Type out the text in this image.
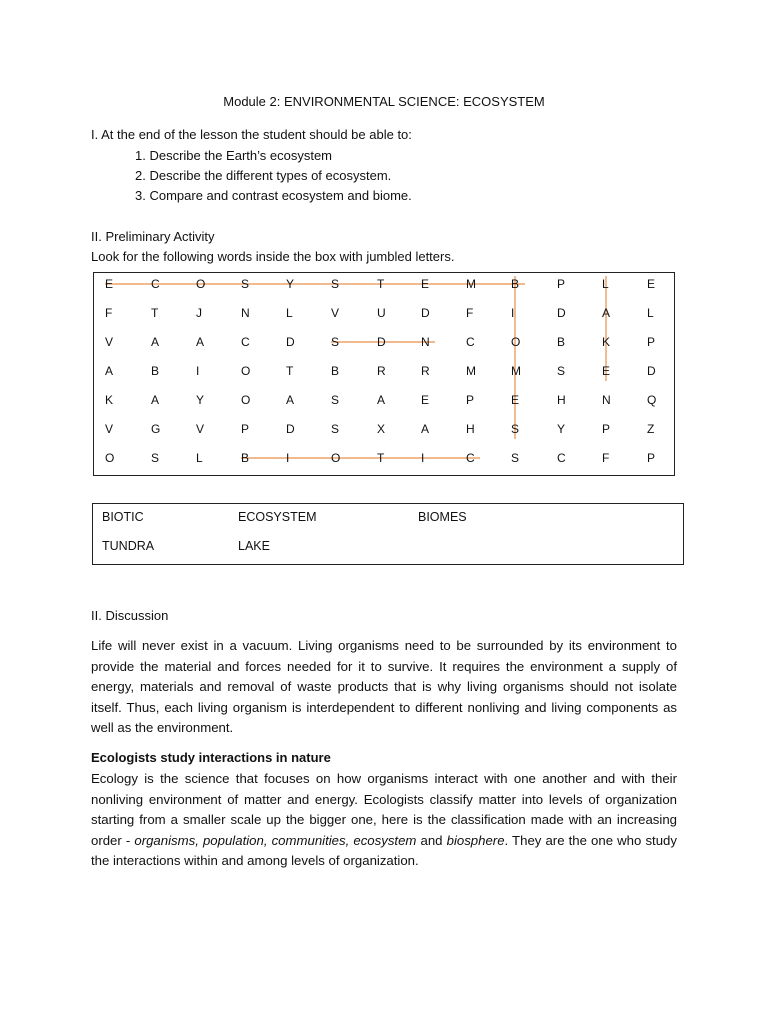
Module 2: ENVIRONMENTAL SCIENCE: ECOSYSTEM
I. At the end of the lesson the student should be able to:
1. Describe the Earth’s ecosystem
2. Describe the different types of ecosystem.
3. Compare and contrast ecosystem and biome.
II. Preliminary Activity
Look for the following words inside the box with jumbled letters.
E	C	O	S	Y	S	T	E	M	B	P	L	E
F	T	J	N	L	V	U	D	F	I	D	A	L
V	A	A	C	D	S	D	N	C	O	B	K	P
A	B	I	O	T	B	R	R	M	M	S	E	D
K	A	Y	O	A	S	A	E	P	E	H	N	Q
V	G	V	P	D	S	X	A	H	S	Y	P	Z
O	S	L	B	I	O	T	I	C	S	C	F	P
BIOTIC	ECOSYSTEM	BIOMES
TUNDRA	LAKE
II. Discussion

Life will never exist in a vacuum. Living organisms need to be surrounded by its environment to provide the material and forces needed for it to survive. It requires the environment a supply of energy, materials and removal of waste products that is why living organisms should not isolate itself. Thus, each living organism is interdependent to different nonliving and living components as well as the environment.

Ecologists study interactions in nature

Ecology is the science that focuses on how organisms interact with one another and with their nonliving environment of matter and energy. Ecologists classify matter into levels of organization starting from a smaller scale up the bigger one, here is the classification made with an increasing order - organisms, population, communities, ecosystem and biosphere. They are the one who study the interactions within and among levels of organization.
